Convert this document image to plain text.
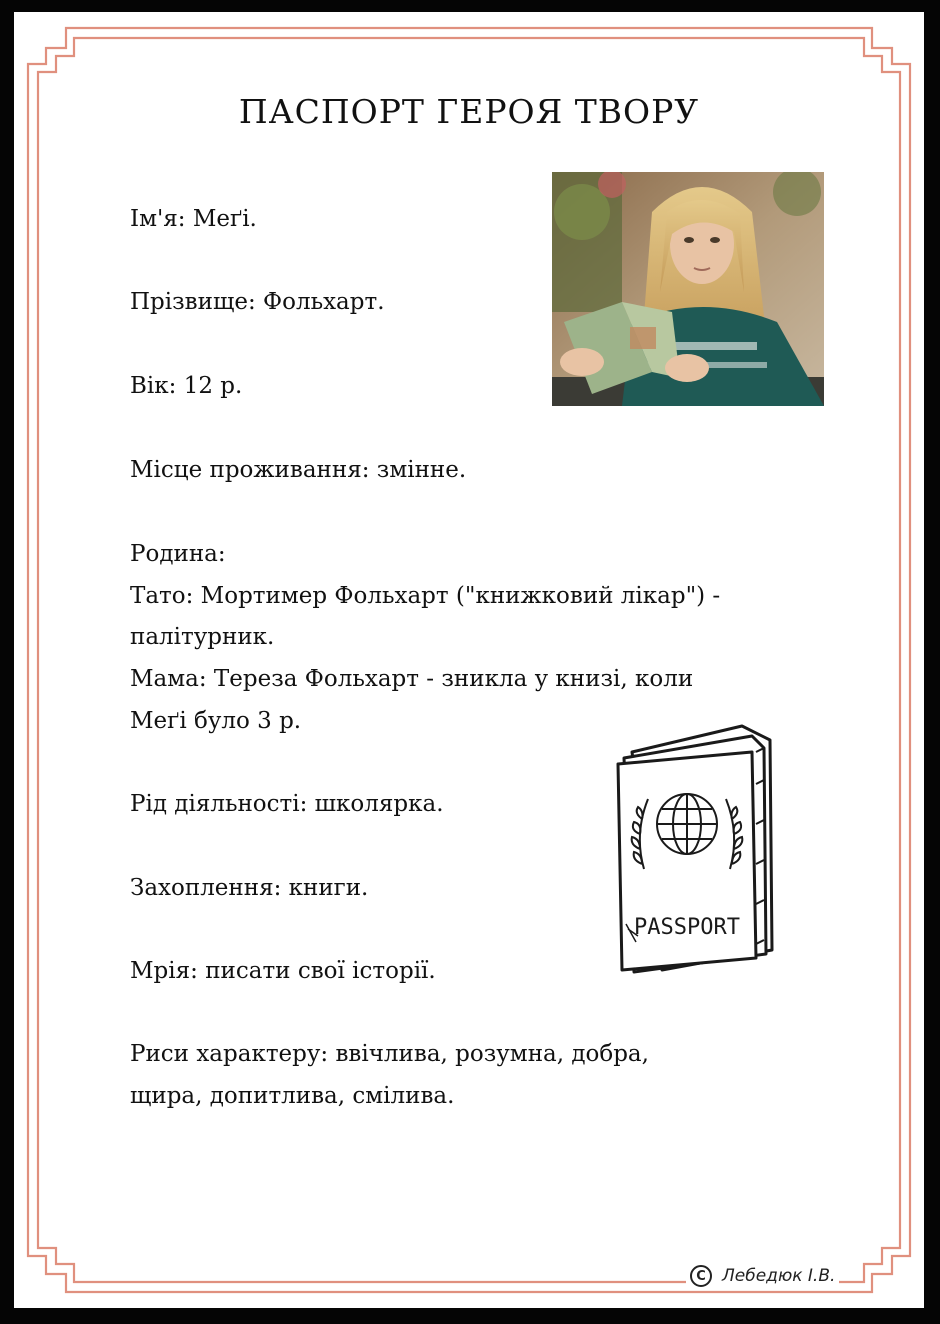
ПАСПОРТ ГЕРОЯ ТВОРУ
Ім'я: Меґі.
Прізвище: Фольхарт.
Вік: 12 р.
Місце проживання: змінне.
Родина:
Тато: Мортимер Фольхарт ("книжковий лікар") -
палітурник.
Мама: Тереза Фольхарт - зникла у книзі, коли
Меґі було 3 р.
Рід діяльності: школярка.
Захоплення: книги.
Мрія: писати свої історії.
Риси характеру: ввічлива, розумна, добра,
щира, допитлива, смілива.
PASSPORT
C Лебедюк І.В.
